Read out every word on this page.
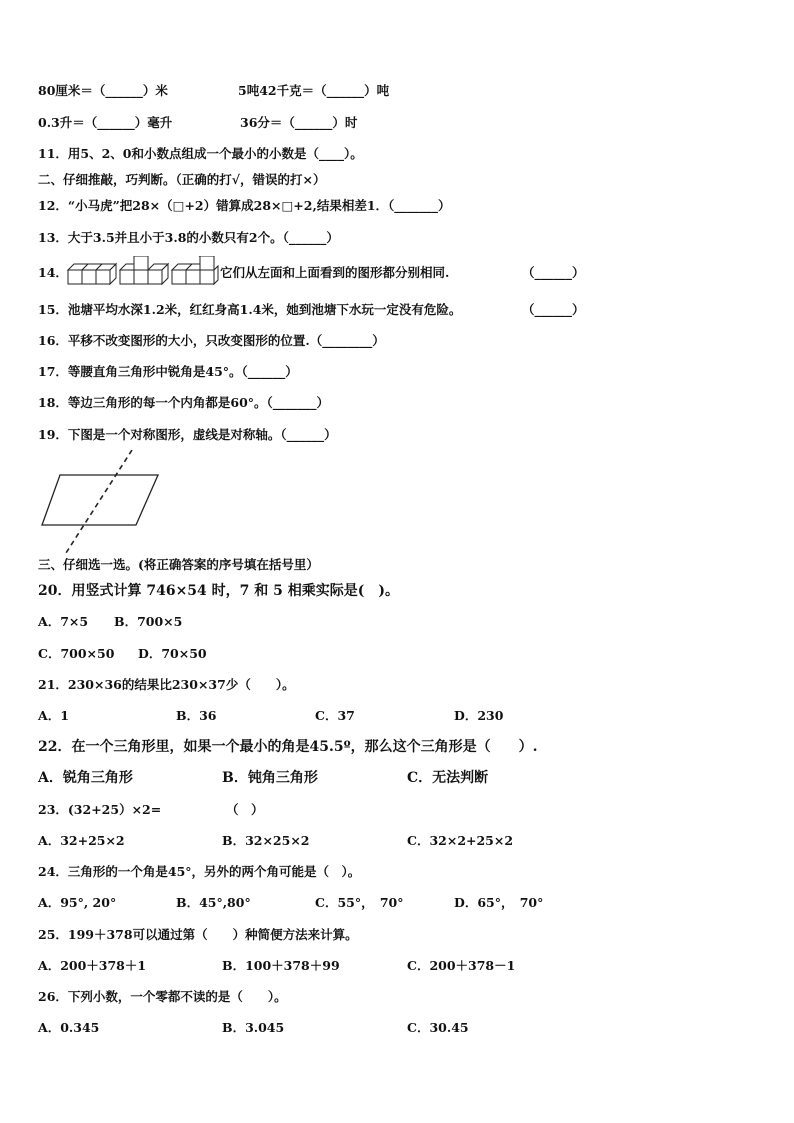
80厘米＝（______）米	5吨42千克＝（______）吨
0.3升＝（______）毫升	36分＝（______）时
11．用5、2、0和小数点组成一个最小的小数是（____）。
二、仔细推敲，巧判断。（正确的打√，错误的打×）
12．“小马虎”把28×（□+2）错算成28×□+2,结果相差1．（_______）
13．大于3.5并且小于3.8的小数只有2个。（______）
14．	它们从左面和上面看到的图形都分别相同.	（______）
15．池塘平均水深1.2米，红红身高1.4米，她到池塘下水玩一定没有危险。	（______）
16．平移不改变图形的大小，只改变图形的位置.（________）
17．等腰直角三角形中锐角是45°。（______）
18．等边三角形的每一个内角都是60°。（_______）
19．下图是一个对称图形，虚线是对称轴。（______）
三、仔细选一选。(将正确答案的序号填在括号里）
20．用竖式计算 746×54 时，7 和 5 相乘实际是(　)。
A．7×5 B．700×5
C．700×50 D．70×50
21．230×36的结果比230×37少（　　）。
A．1	B．36	C．37	D．230
22．在一个三角形里，如果一个最小的角是45.5º，那么这个三角形是（　　）.
A．锐角三角形	B．钝角三角形	C．无法判断
23．(32+25）×2=	（　）
A．32+25×2	B．32×25×2	C．32×2+25×2
24．三角形的一个角是45°，另外的两个角可能是（　）。
A．95°, 20°	B．45°,80°	C．55°，　70°	D．65°，　70°
25．199＋378可以通过第（　　）种简便方法来计算。
A．200＋378＋1	B．100＋378＋99	C．200＋378－1
26．下列小数，一个零都不读的是（　　）。
A．0.345	B．3.045	C．30.45
